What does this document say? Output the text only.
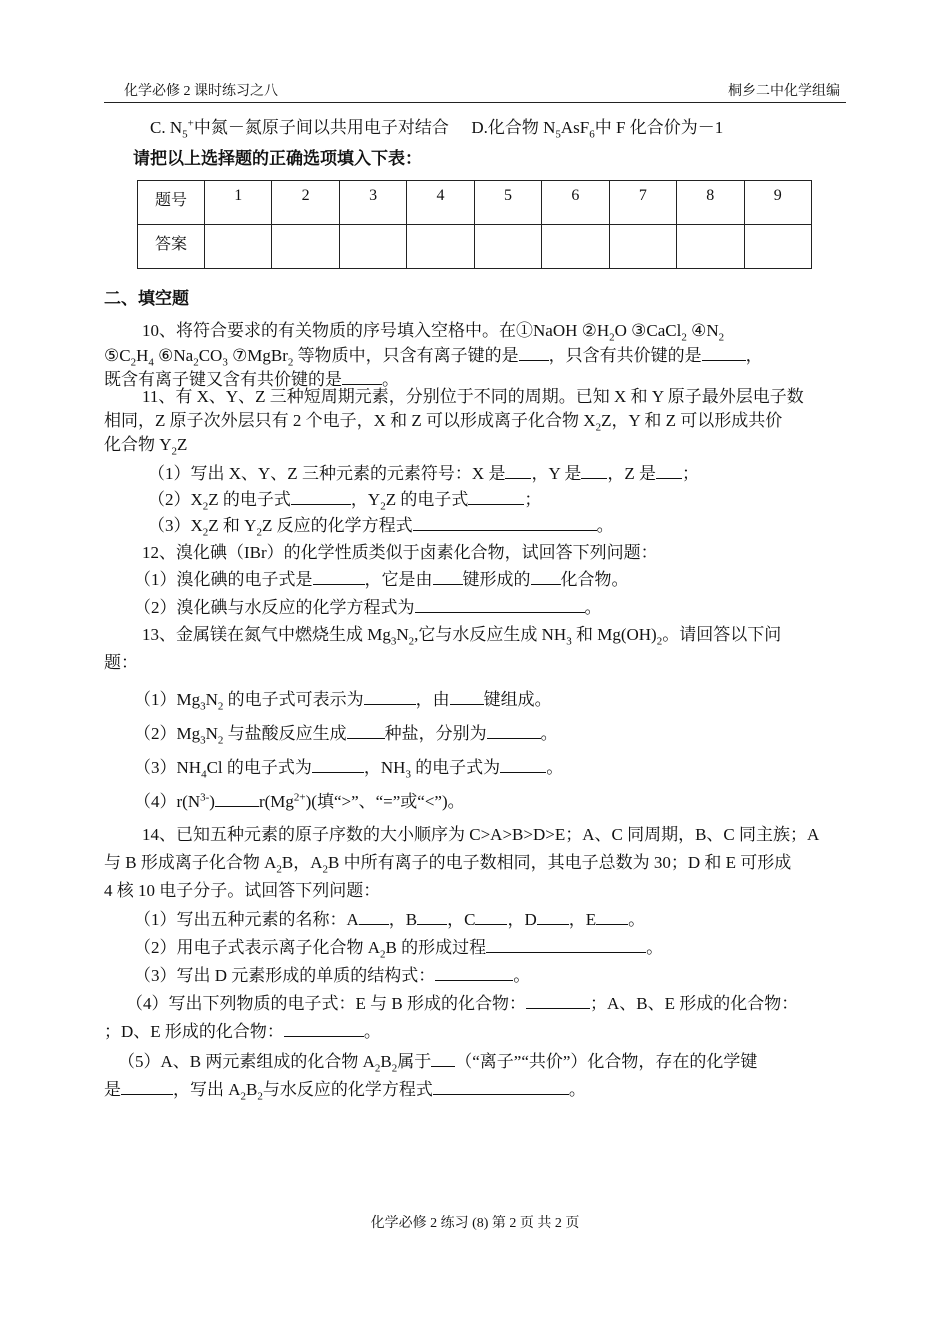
化学必修 2 课时练习之八	桐乡二中化学组编
C. $N_5^+$中氮－氮原子间以共用电子对结合 D.化合物 $N_5AsF_6$中 F 化合价为－1
请把以上选择题的正确选项填入下表：
题号	1	2	3	4	5	6	7	8	9
答案									
二、填空题
10、将符合要求的有关物质的序号填入空格中。在①NaOH $②H_2O$ ③CaCl$_2$ $④N_2$
$⑤C_2H_4$ $⑥Na_2CO_3$ ⑦MgBr$_2$ 等物质中，只含有离子键的是 ，只含有共价键的是	，
既含有离子键又含有共价键的是 。
11、有 X、Y、Z 三种短周期元素，分别位于不同的周期。已知 X 和 Y 原子最外层电子数
相同，Z 原子次外层只有 2 个电子，X 和 Z 可以形成离子化合物 $X_2Z$，Y 和 Z 可以形成共价
化合物 $Y_2Z$
（1）写出 X、Y、Z 三种元素的元素符号：X 是 ，Y 是 ，Z 是 ；
$(2)X_2Z$ 的电子式	，$Y_2Z$ 的电子式	；
$(3)X_2Z$ 和 $Y_2Z$ 反应的化学方程式	。
12、溴化碘（IBr）的化学性质类似于卤素化合物，试回答下列问题：
（1）溴化碘的电子式是	，它是由 键形成的 化合物。
（2）溴化碘与水反应的化学方程式为	。
13、金属镁在氮气中燃烧生成 $Mg_3N_2$,它与水反应生成 $NH_3$ 和 $Mg(OH)_2$。请回答以下问
题：
$(1)Mg_3N_2$ 的电子式可表示为	，由 键组成。
$(2)Mg_3N_2$ 与盐酸反应生成 种盐，分别为	。
$(3)NH_4Cl$ 的电子式为	，$NH_3$ 的电子式为	。
$(4)r(N^{3-})$	$r(Mg^{2+})$(填“>”、“=”或“<”)。
14、已知五种元素的原子序数的大小顺序为 C>A>B>D>E；A、C 同周期，B、C 同主族；A
与 B 形成离子化合物 $A_2B$，$A_2B$ 中所有离子的电子数相同，其电子总数为 30；D 和 E 可形成
4 核 10 电子分子。试回答下列问题：
（1）写出五种元素的名称：A ，B ，C ，D ，E 。
（2）用电子式表示离子化合物 $A_2B$ 的形成过程	。
（3）写出 D 元素形成的单质的结构式：	。
（4）写出下列物质的电子式：E 与 B 形成的化合物：	；A、B、E 形成的化合物：
；D、E 形成的化合物：	。
（5）A、B 两元素组成的化合物 $A_2B_2$属于 （“离子”“共价”）化合物，存在的化学键
是	，写出 $A_2B_2$与水反应的化学方程式	。
化学必修 2 练习 (8) 第 2 页 共 2 页
